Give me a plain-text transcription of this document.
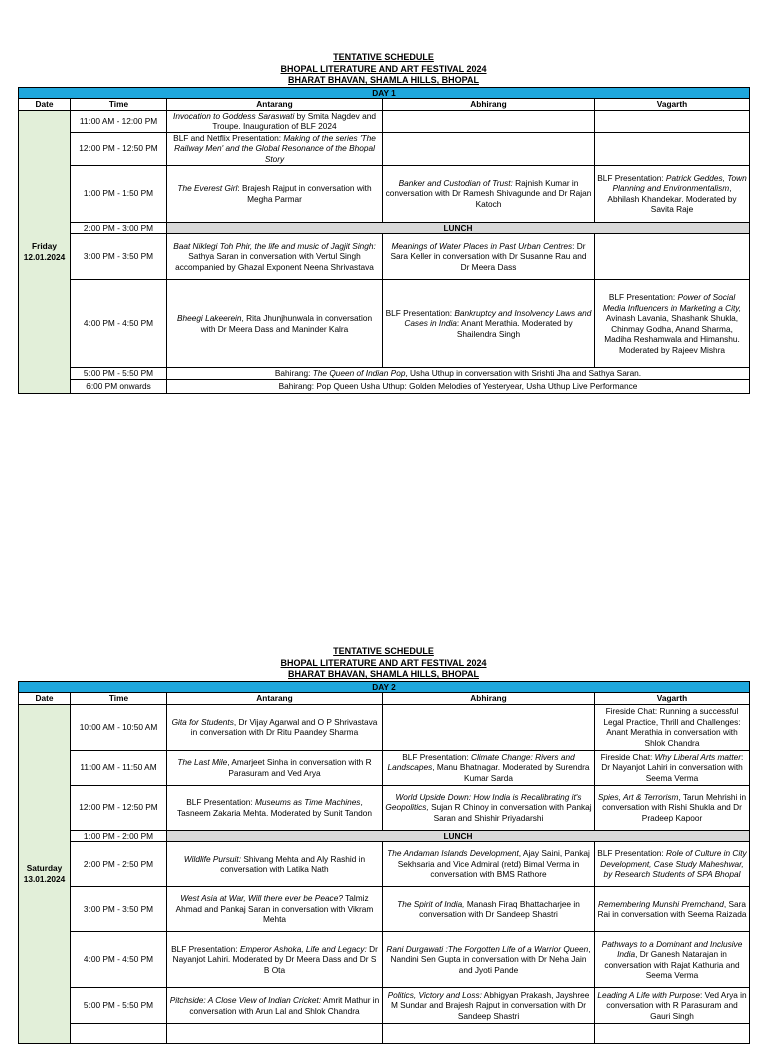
TENTATIVE SCHEDULE
BHOPAL LITERATURE AND ART FESTIVAL 2024
BHARAT BHAVAN, SHAMLA HILLS, BHOPAL
DAY 1				
Date	Time	Antarang	Abhirang	Vagarth
Friday
12.01.2024	11:00 AM - 12:00 PM	Invocation to Goddess Saraswati by Smita Nagdev and Troupe. Inauguration of BLF 2024		
	12:00 PM - 12:50 PM	BLF and Netflix Presentation: Making of the series 'The Railway Men' and the Global Resonance of the Bhopal Story		
	1:00 PM - 1:50 PM	The Everest Girl: Brajesh Rajput in conversation with Megha Parmar	Banker and Custodian of Trust: Rajnish Kumar in conversation with Dr Ramesh Shivagunde and Dr Rajan Katoch	BLF Presentation: Patrick Geddes, Town Planning and Environmentalism, Abhilash Khandekar. Moderated by Savita Raje
	2:00 PM - 3:00 PM	LUNCH		
	3:00 PM - 3:50 PM	Baat Niklegi Toh Phir, the life and music of Jagjit Singh: Sathya Saran in conversation with Vertul Singh accompanied by Ghazal Exponent Neena Shrivastava	Meanings of Water Places in Past Urban Centres: Dr Sara Keller in conversation with Dr Susanne Rau and Dr Meera Dass	
	4:00 PM - 4:50 PM	Bheegi Lakeerein, Rita Jhunjhunwala in conversation with Dr Meera Dass and Maninder Kalra	BLF Presentation: Bankruptcy and Insolvency Laws and Cases in India: Anant Merathia. Moderated by Shailendra Singh	BLF Presentation: Power of Social Media Influencers in Marketing a City, Avinash Lavania, Shashank Shukla, Chinmay Godha, Anand Sharma, Madiha Reshamwala and Himanshu. Moderated by Rajeev Mishra
	5:00 PM - 5:50 PM	Bahirang: The Queen of Indian Pop, Usha Uthup in conversation with Srishti Jha and Sathya Saran.		
	6:00 PM onwards	Bahirang: Pop Queen Usha Uthup: Golden Melodies of Yesteryear, Usha Uthup Live Performance		
TENTATIVE SCHEDULE
BHOPAL LITERATURE AND ART FESTIVAL 2024
BHARAT BHAVAN, SHAMLA HILLS, BHOPAL
DAY 2				
Date	Time	Antarang	Abhirang	Vagarth
Saturday
13.01.2024	10:00 AM - 10:50 AM	Gita for Students, Dr Vijay Agarwal and O P Shrivastava in conversation with Dr Ritu Paandey Sharma		Fireside Chat: Running a successful Legal Practice, Thrill and Challenges: Anant Merathia in conversation with Shlok Chandra
	11:00 AM - 11:50 AM	The Last Mile, Amarjeet Sinha in conversation with R Parasuram and Ved Arya	BLF Presentation: Climate Change: Rivers and Landscapes, Manu Bhatnagar. Moderated by Surendra Kumar Sarda	Fireside Chat: Why Liberal Arts matter: Dr Nayanjot Lahiri in conversation with Seema Verma
	12:00 PM - 12:50 PM	BLF Presentation: Museums as Time Machines, Tasneem Zakaria Mehta. Moderated by Sunit Tandon	World Upside Down: How India is Recalibrating it's Geopolitics, Sujan R Chinoy in conversation with Pankaj Saran and Shishir Priyadarshi	Spies, Art & Terrorism, Tarun Mehrishi in conversation with Rishi Shukla and Dr Pradeep Kapoor
	1:00 PM - 2:00 PM	LUNCH		
	2:00 PM - 2:50 PM	Wildlife Pursuit: Shivang Mehta and Aly Rashid in conversation with Latika Nath	The Andaman Islands Development, Ajay Saini, Pankaj Sekhsaria and Vice Admiral (retd) Bimal Verma in conversation with BMS Rathore	BLF Presentation: Role of Culture in City Development, Case Study Maheshwar, by Research Students of SPA Bhopal
	3:00 PM - 3:50 PM	West Asia at War, Will there ever be Peace? Talmiz Ahmad and Pankaj Saran in conversation with Vikram Mehta	The Spirit of India, Manash Firaq Bhattacharjee in conversation with Dr Sandeep Shastri	Remembering Munshi Premchand, Sara Rai in conversation with Seema Raizada
	4:00 PM - 4:50 PM	BLF Presentation: Emperor Ashoka, Life and Legacy: Dr Nayanjot Lahiri. Moderated by Dr Meera Dass and Dr S B Ota	Rani Durgawati :The Forgotten Life of a Warrior Queen, Nandini Sen Gupta in conversation with Dr Neha Jain and Jyoti Pande	Pathways to a Dominant and Inclusive India, Dr Ganesh Natarajan in conversation with Rajat Kathuria and Seema Verma
	5:00 PM - 5:50 PM	Pitchside: A Close View of Indian Cricket: Amrit Mathur in conversation with Arun Lal and Shlok Chandra	Politics, Victory and Loss: Abhigyan Prakash, Jayshree M Sundar and Brajesh Rajput in conversation with Dr Sandeep Shastri	Leading A Life with Purpose: Ved Arya in conversation with R Parasuram and Gauri Singh
